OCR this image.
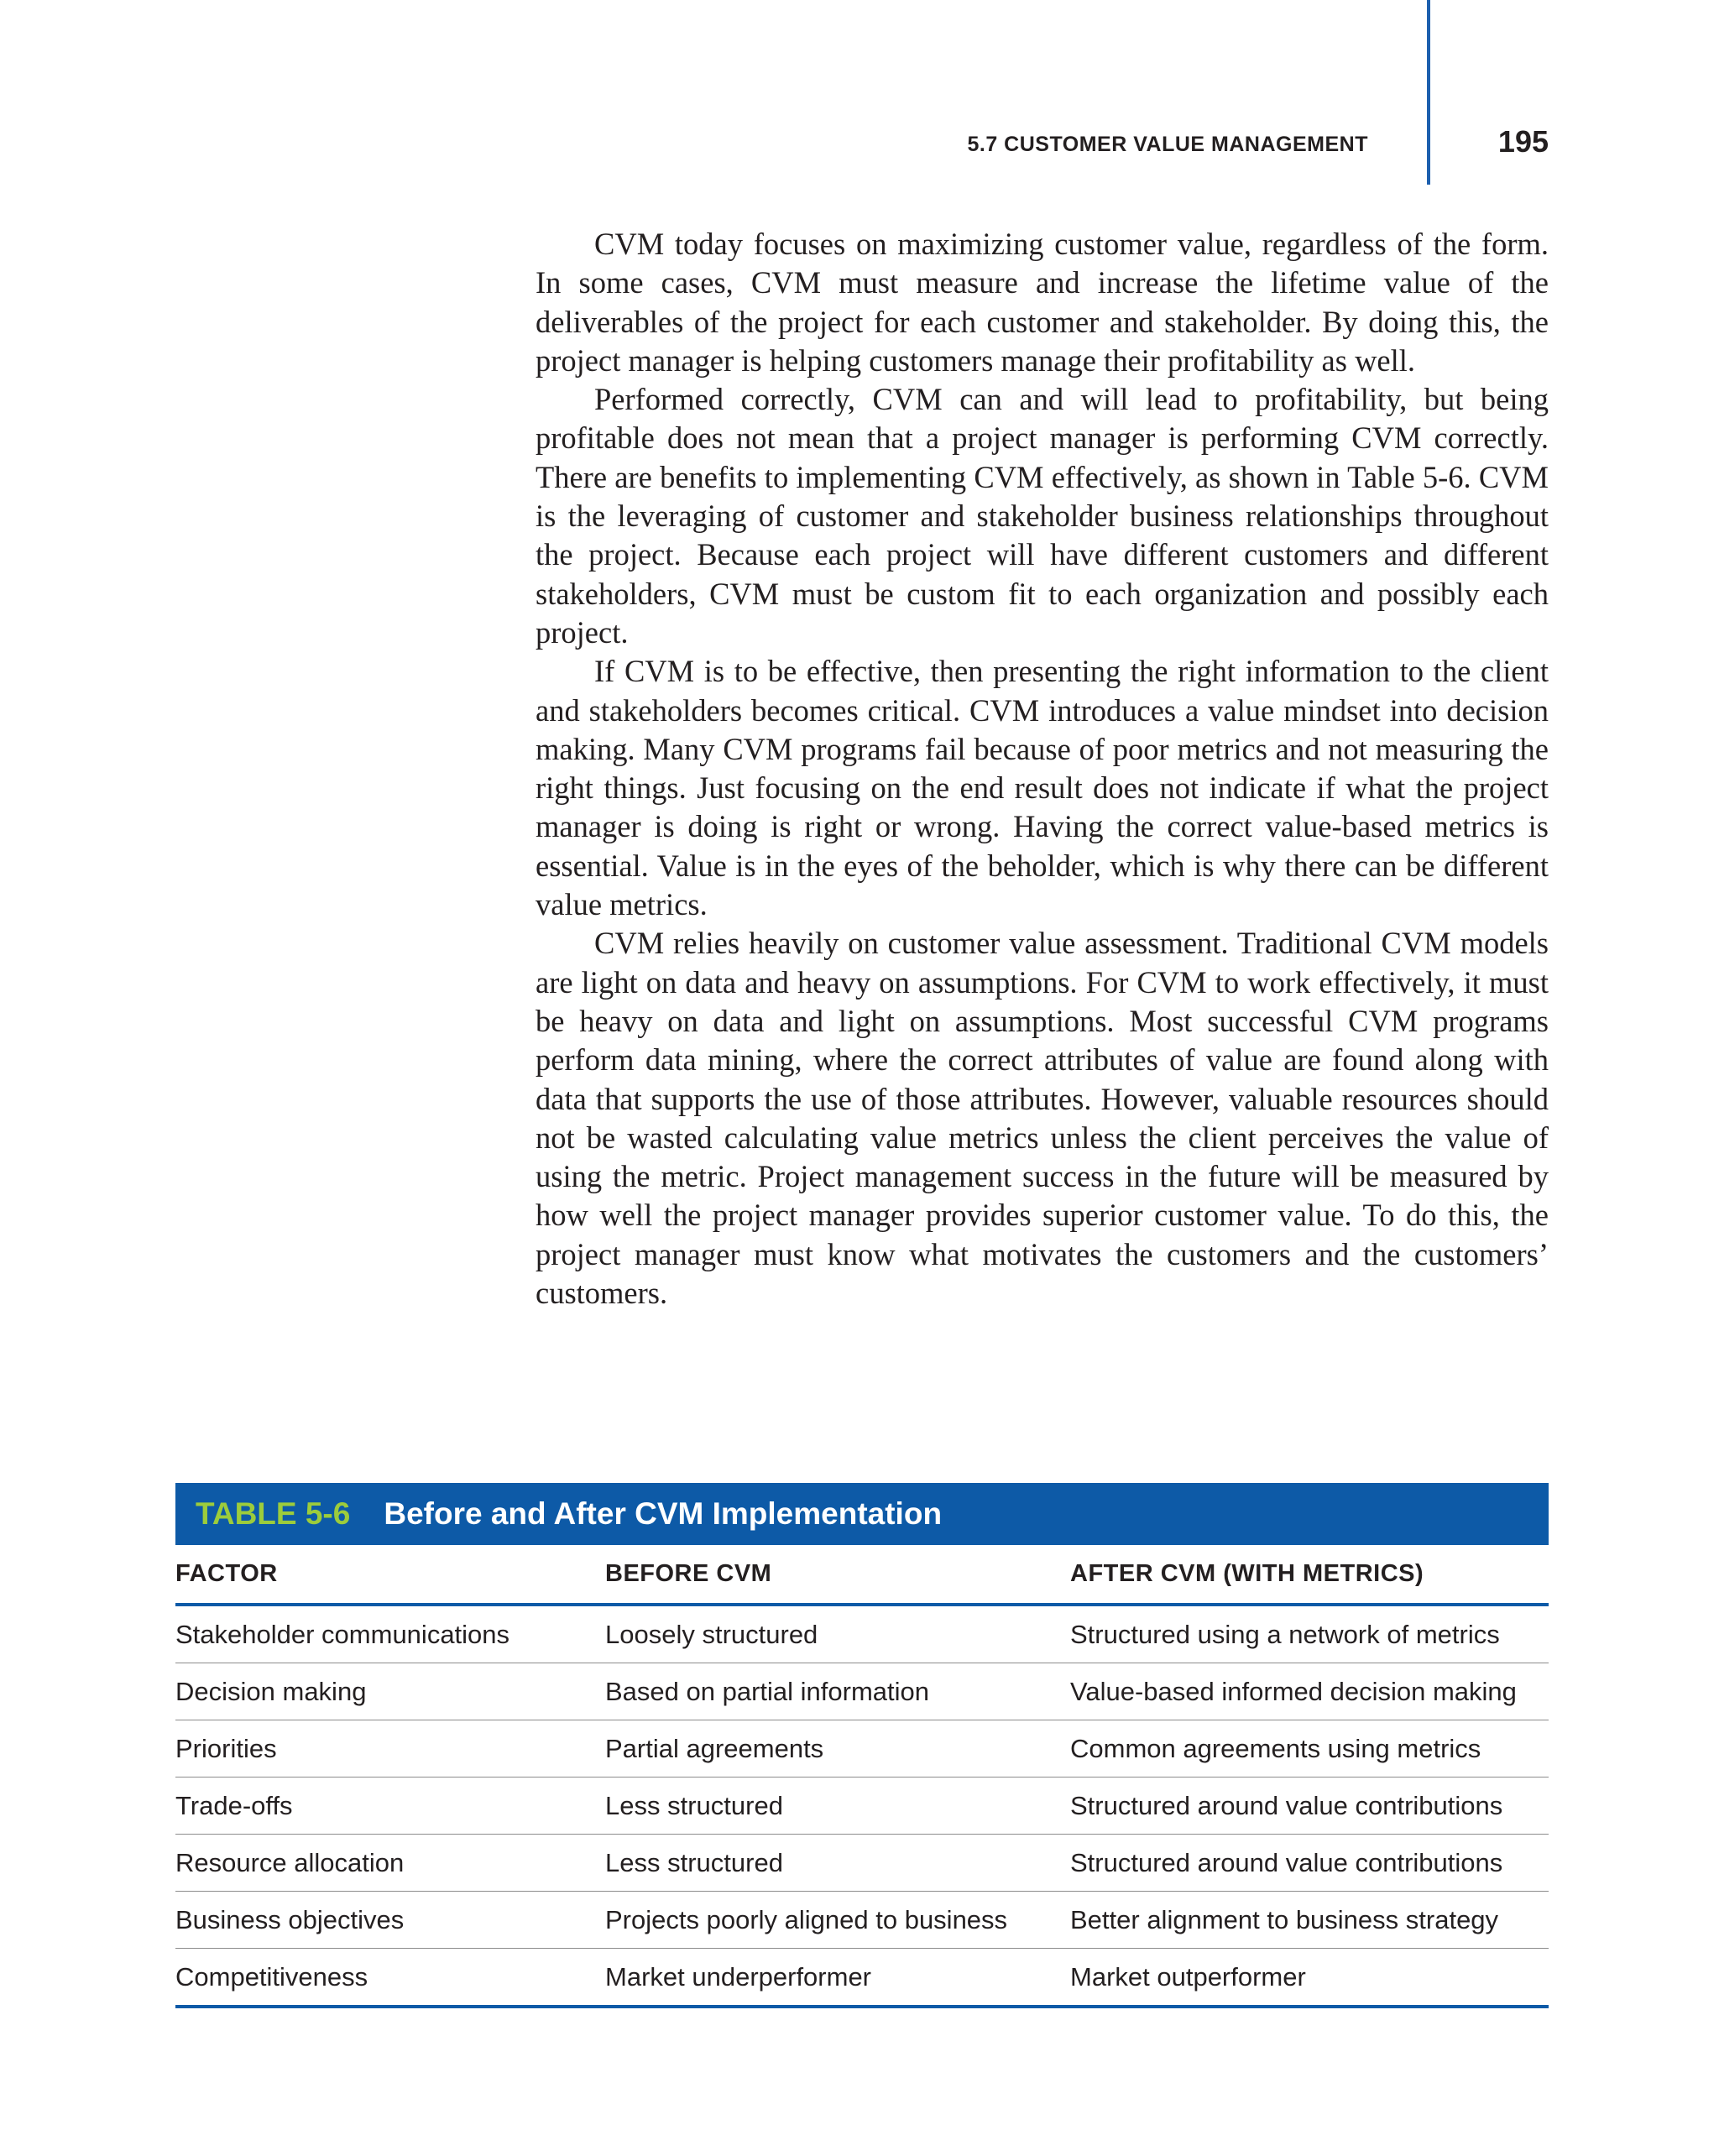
5.7 CUSTOMER VALUE MANAGEMENT	195

CVM today focuses on maximizing customer value, regardless of the form. In some cases, CVM must measure and increase the lifetime value of the deliverables of the project for each customer and stakeholder. By doing this, the project manager is helping customers manage their profitability as well.

Performed correctly, CVM can and will lead to profitability, but being profitable does not mean that a project manager is performing CVM correctly. There are benefits to implementing CVM effectively, as shown in Table 5-6. CVM is the leveraging of customer and stakeholder business relationships throughout the project. Because each project will have different customers and different stakeholders, CVM must be custom fit to each organization and possibly each project.

If CVM is to be effective, then presenting the right information to the client and stakeholders becomes critical. CVM introduces a value mindset into decision making. Many CVM programs fail because of poor metrics and not measuring the right things. Just focusing on the end result does not indicate if what the project manager is doing is right or wrong. Having the correct value-based metrics is essential. Value is in the eyes of the beholder, which is why there can be different value metrics.

CVM relies heavily on customer value assessment. Traditional CVM models are light on data and heavy on assumptions. For CVM to work effectively, it must be heavy on data and light on assumptions. Most successful CVM programs perform data mining, where the correct attributes of value are found along with data that supports the use of those attributes. However, valuable resources should not be wasted calculating value metrics unless the client perceives the value of using the metric. Project management success in the future will be measured by how well the project manager provides superior customer value. To do this, the project manager must know what motivates the customers and the customers’ customers.

TABLE 5-6 Before and After CVM Implementation
FACTOR	BEFORE CVM	AFTER CVM (WITH METRICS)
Stakeholder communications	Loosely structured	Structured using a network of metrics
Decision making	Based on partial information	Value-based informed decision making
Priorities	Partial agreements	Common agreements using metrics
Trade-offs	Less structured	Structured around value contributions
Resource allocation	Less structured	Structured around value contributions
Business objectives	Projects poorly aligned to business	Better alignment to business strategy
Competitiveness	Market underperformer	Market outperformer
